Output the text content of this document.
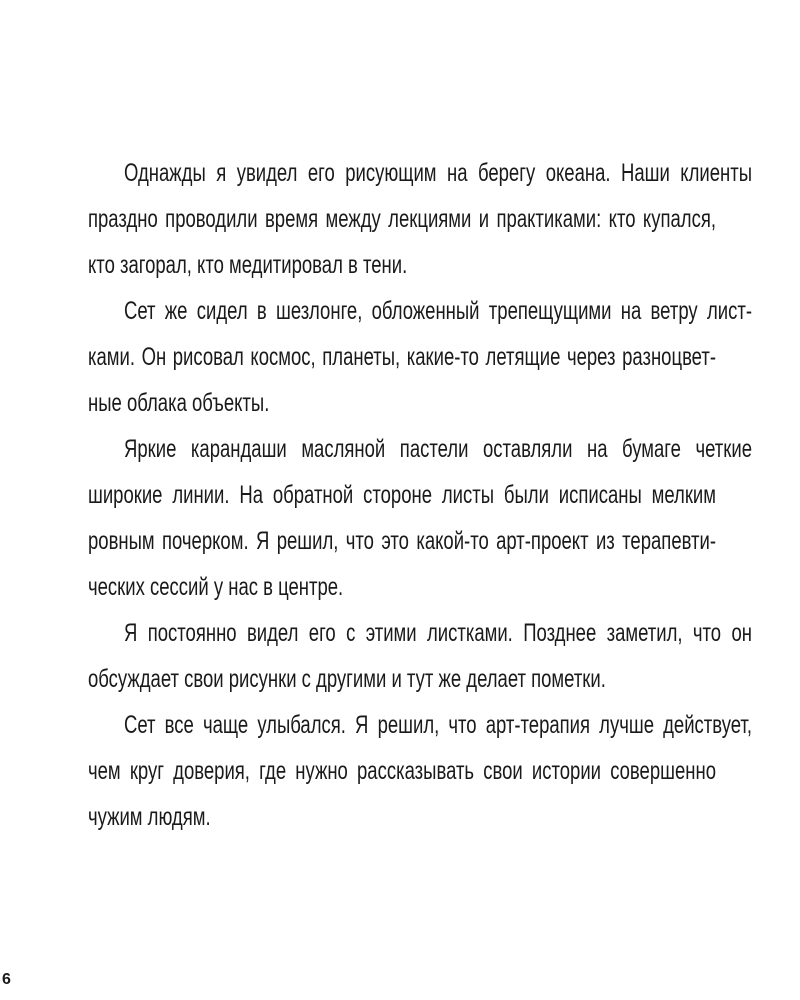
Однажды я увидел его рисующим на берегу океана. Наши клиенты
праздно проводили время между лекциями и практиками: кто купался,
кто загорал, кто медитировал в тени.
Сет же сидел в шезлонге, обложенный трепещущими на ветру лист-
ками. Он рисовал космос, планеты, какие-то летящие через разноцвет-
ные облака объекты.
Яркие карандаши масляной пастели оставляли на бумаге четкие
широкие линии. На обратной стороне листы были исписаны мелким
ровным почерком. Я решил, что это какой-то арт-проект из терапевти-
ческих сессий у нас в центре.
Я постоянно видел его с этими листками. Позднее заметил, что он
обсуждает свои рисунки с другими и тут же делает пометки.
Сет все чаще улыбался. Я решил, что арт-терапия лучше действует,
чем круг доверия, где нужно рассказывать свои истории совершенно
чужим людям.
6
